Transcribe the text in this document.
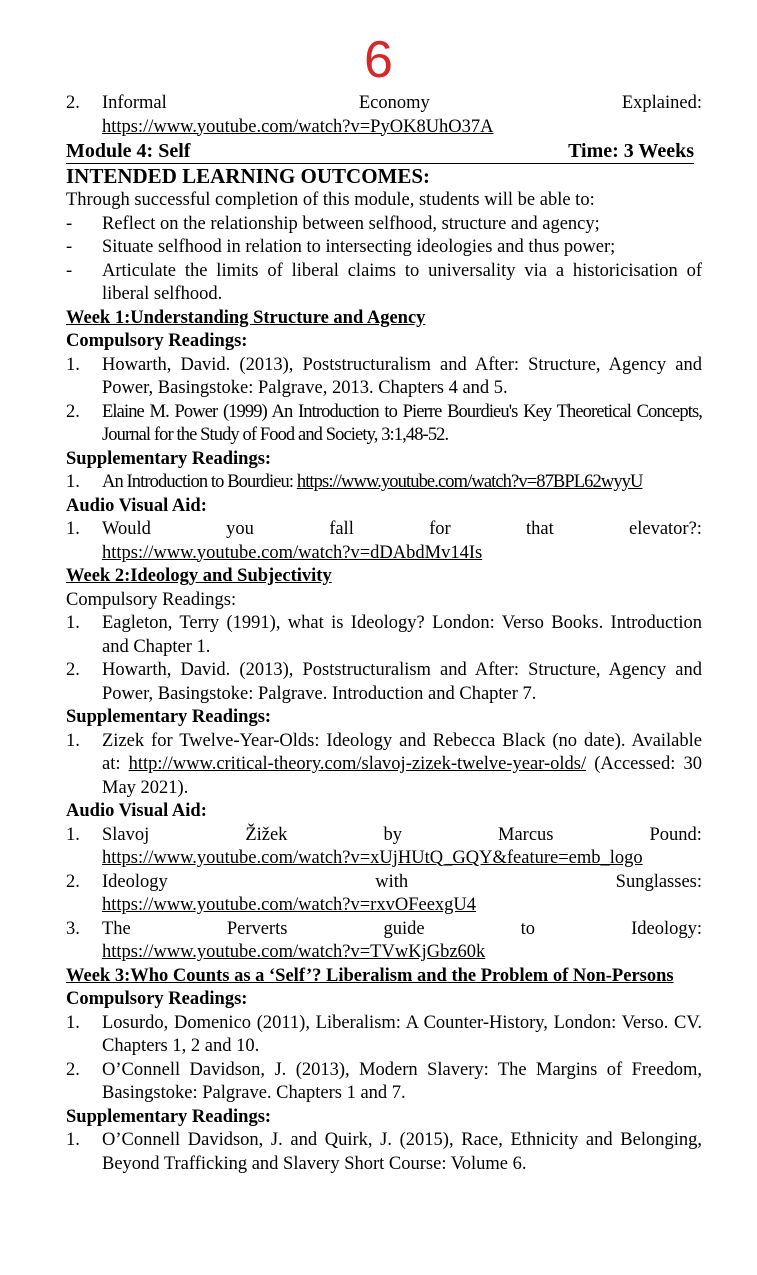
6
2.	Informal	Economy	Explained:
https://www.youtube.com/watch?v=PyOK8UhO37A
Module 4: Self	Time: 3 Weeks
INTENDED LEARNING OUTCOMES:
Through successful completion of this module, students will be able to:
-	Reflect on the relationship between selfhood, structure and agency;
-	Situate selfhood in relation to intersecting ideologies and thus power;
-	Articulate the limits of liberal claims to universality via a historicisation of liberal selfhood.
Week 1: Understanding Structure and Agency
Compulsory Readings:
1.	Howarth, David. (2013), Poststructuralism and After: Structure, Agency and Power, Basingstoke: Palgrave, 2013. Chapters 4 and 5.
2.	Elaine M. Power (1999) An Introduction to Pierre Bourdieu's Key Theoretical Concepts, Journal for the Study of Food and Society, 3:1,48-52.
Supplementary Readings:
1.	An Introduction to Bourdieu: https://www.youtube.com/watch?v=87BPL62wyyU
Audio Visual Aid:
1.	Would	you	fall	for	that	elevator?:
https://www.youtube.com/watch?v=dDAbdMv14Is
Week 2: Ideology and Subjectivity
Compulsory Readings:
1.	Eagleton, Terry (1991), what is Ideology? London: Verso Books. Introduction and Chapter 1.
2.	Howarth, David. (2013), Poststructuralism and After: Structure, Agency and Power, Basingstoke: Palgrave. Introduction and Chapter 7.
Supplementary Readings:
1.	Zizek for Twelve-Year-Olds: Ideology and Rebecca Black (no date). Available at: http://www.critical-theory.com/slavoj-zizek-twelve-year-olds/ (Accessed: 30 May 2021).
Audio Visual Aid:
1.	Slavoj	Žižek	by	Marcus	Pound:
https://www.youtube.com/watch?v=xUjHUtQ_GQY&feature=emb_logo
2.	Ideology	with	Sunglasses:
https://www.youtube.com/watch?v=rxvOFeexgU4
3.	The	Perverts	guide	to	Ideology:
https://www.youtube.com/watch?v=TVwKjGbz60k
Week 3: Who Counts as a ‘Self’? Liberalism and the Problem of Non-Persons
Compulsory Readings:
1.	Losurdo, Domenico (2011), Liberalism: A Counter-History, London: Verso. CV. Chapters 1, 2 and 10.
2.	O’Connell Davidson, J. (2013), Modern Slavery: The Margins of Freedom, Basingstoke: Palgrave. Chapters 1 and 7.
Supplementary Readings:
1.	O’Connell Davidson, J. and Quirk, J. (2015), Race, Ethnicity and Belonging, Beyond Trafficking and Slavery Short Course: Volume 6.
